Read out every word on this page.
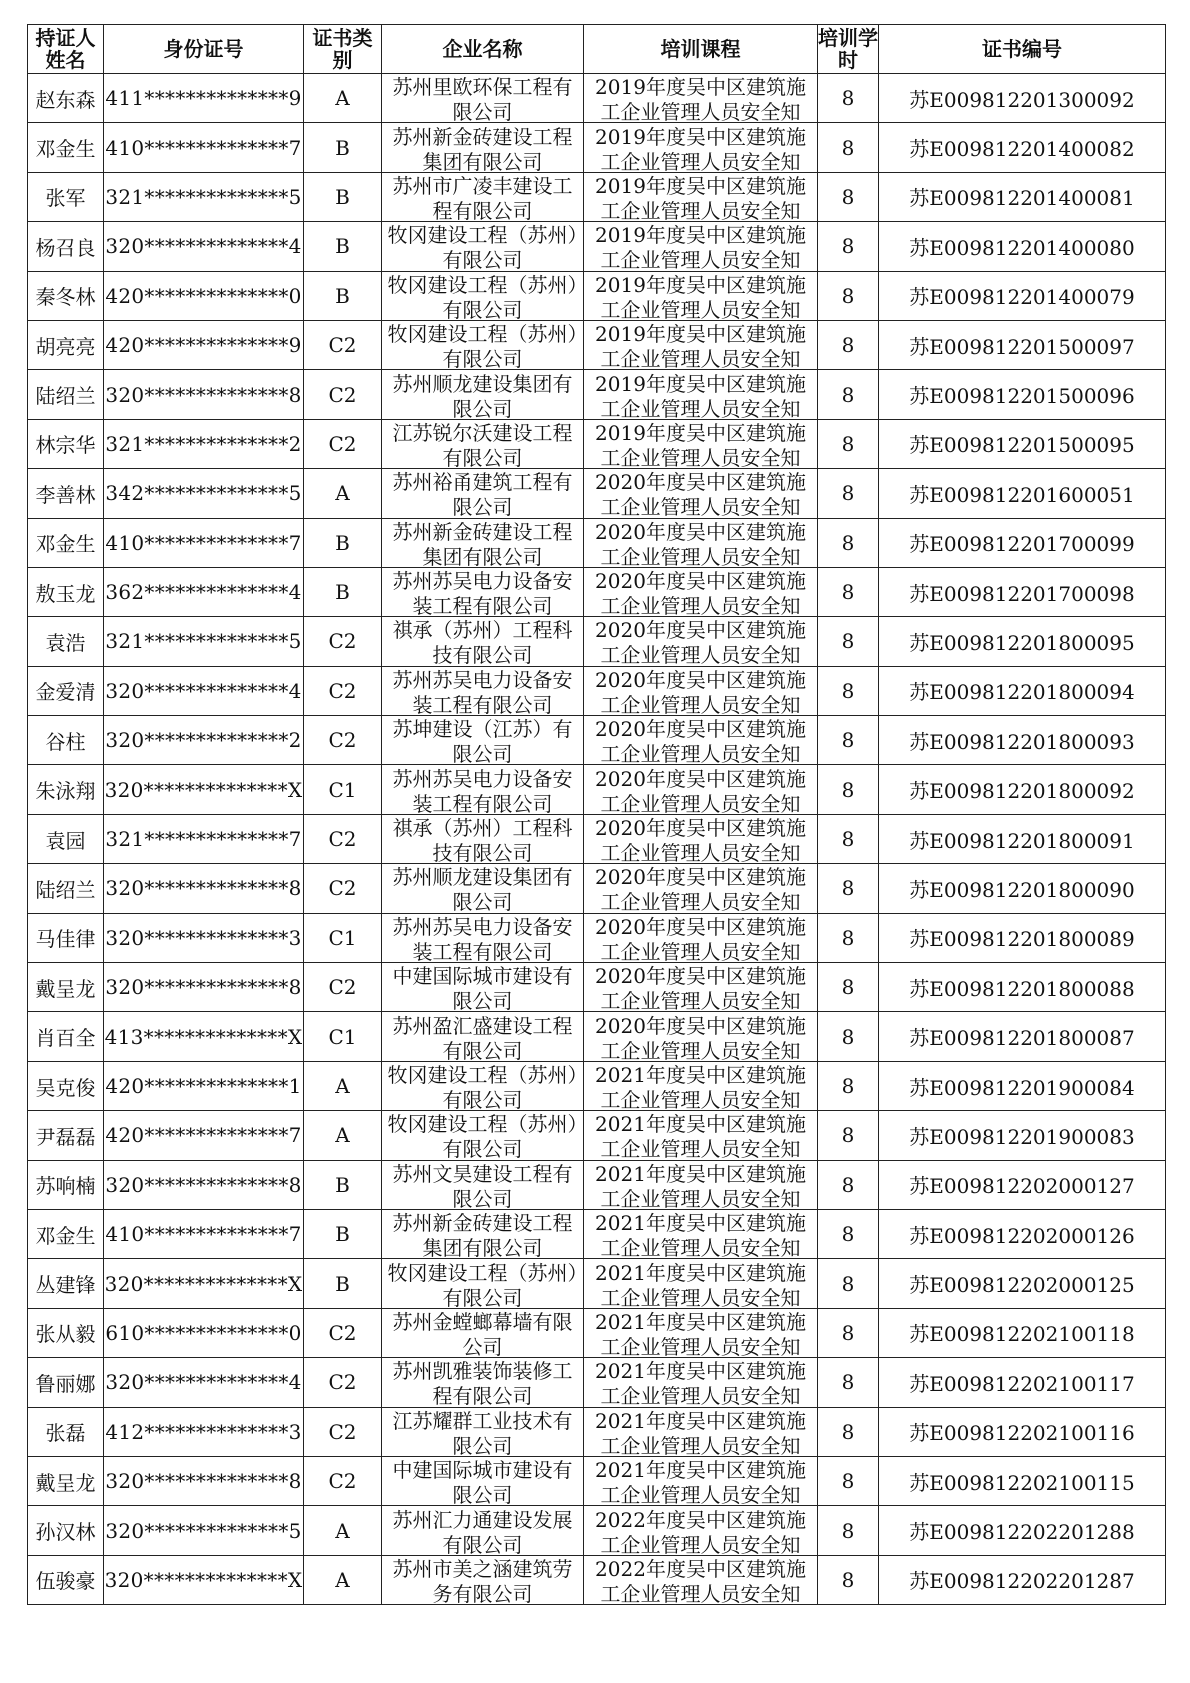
持证人姓名	身份证号	证书类别	企业名称	培训课程	培训学时	证书编号
赵东森	411**************9	A	苏州里欧环保工程有限公司	2019年度吴中区建筑施工企业管理人员安全知	8	苏E009812201300092
邓金生	410**************7	B	苏州新金砖建设工程集团有限公司	2019年度吴中区建筑施工企业管理人员安全知	8	苏E009812201400082
张军	321**************5	B	苏州市广凌丰建设工程有限公司	2019年度吴中区建筑施工企业管理人员安全知	8	苏E009812201400081
杨召良	320**************4	B	牧冈建设工程（苏州）有限公司	2019年度吴中区建筑施工企业管理人员安全知	8	苏E009812201400080
秦冬林	420**************0	B	牧冈建设工程（苏州）有限公司	2019年度吴中区建筑施工企业管理人员安全知	8	苏E009812201400079
胡亮亮	420**************9	C2	牧冈建设工程（苏州）有限公司	2019年度吴中区建筑施工企业管理人员安全知	8	苏E009812201500097
陆绍兰	320**************8	C2	苏州顺龙建设集团有限公司	2019年度吴中区建筑施工企业管理人员安全知	8	苏E009812201500096
林宗华	321**************2	C2	江苏锐尔沃建设工程有限公司	2019年度吴中区建筑施工企业管理人员安全知	8	苏E009812201500095
李善林	342**************5	A	苏州裕甬建筑工程有限公司	2020年度吴中区建筑施工企业管理人员安全知	8	苏E009812201600051
邓金生	410**************7	B	苏州新金砖建设工程集团有限公司	2020年度吴中区建筑施工企业管理人员安全知	8	苏E009812201700099
敖玉龙	362**************4	B	苏州苏吴电力设备安装工程有限公司	2020年度吴中区建筑施工企业管理人员安全知	8	苏E009812201700098
袁浩	321**************5	C2	祺承（苏州）工程科技有限公司	2020年度吴中区建筑施工企业管理人员安全知	8	苏E009812201800095
金爱清	320**************4	C2	苏州苏吴电力设备安装工程有限公司	2020年度吴中区建筑施工企业管理人员安全知	8	苏E009812201800094
谷柱	320**************2	C2	苏坤建设（江苏）有限公司	2020年度吴中区建筑施工企业管理人员安全知	8	苏E009812201800093
朱泳翔	320**************X	C1	苏州苏吴电力设备安装工程有限公司	2020年度吴中区建筑施工企业管理人员安全知	8	苏E009812201800092
袁园	321**************7	C2	祺承（苏州）工程科技有限公司	2020年度吴中区建筑施工企业管理人员安全知	8	苏E009812201800091
陆绍兰	320**************8	C2	苏州顺龙建设集团有限公司	2020年度吴中区建筑施工企业管理人员安全知	8	苏E009812201800090
马佳律	320**************3	C1	苏州苏吴电力设备安装工程有限公司	2020年度吴中区建筑施工企业管理人员安全知	8	苏E009812201800089
戴呈龙	320**************8	C2	中建国际城市建设有限公司	2020年度吴中区建筑施工企业管理人员安全知	8	苏E009812201800088
肖百全	413**************X	C1	苏州盈汇盛建设工程有限公司	2020年度吴中区建筑施工企业管理人员安全知	8	苏E009812201800087
吴克俊	420**************1	A	牧冈建设工程（苏州）有限公司	2021年度吴中区建筑施工企业管理人员安全知	8	苏E009812201900084
尹磊磊	420**************7	A	牧冈建设工程（苏州）有限公司	2021年度吴中区建筑施工企业管理人员安全知	8	苏E009812201900083
苏响楠	320**************8	B	苏州文昊建设工程有限公司	2021年度吴中区建筑施工企业管理人员安全知	8	苏E009812202000127
邓金生	410**************7	B	苏州新金砖建设工程集团有限公司	2021年度吴中区建筑施工企业管理人员安全知	8	苏E009812202000126
丛建锋	320**************X	B	牧冈建设工程（苏州）有限公司	2021年度吴中区建筑施工企业管理人员安全知	8	苏E009812202000125
张从毅	610**************0	C2	苏州金螳螂幕墙有限公司	2021年度吴中区建筑施工企业管理人员安全知	8	苏E009812202100118
鲁丽娜	320**************4	C2	苏州凯雅装饰装修工程有限公司	2021年度吴中区建筑施工企业管理人员安全知	8	苏E009812202100117
张磊	412**************3	C2	江苏耀群工业技术有限公司	2021年度吴中区建筑施工企业管理人员安全知	8	苏E009812202100116
戴呈龙	320**************8	C2	中建国际城市建设有限公司	2021年度吴中区建筑施工企业管理人员安全知	8	苏E009812202100115
孙汉林	320**************5	A	苏州汇力通建设发展有限公司	2022年度吴中区建筑施工企业管理人员安全知	8	苏E009812202201288
伍骏豪	320**************X	A	苏州市美之涵建筑劳务有限公司	2022年度吴中区建筑施工企业管理人员安全知	8	苏E009812202201287
